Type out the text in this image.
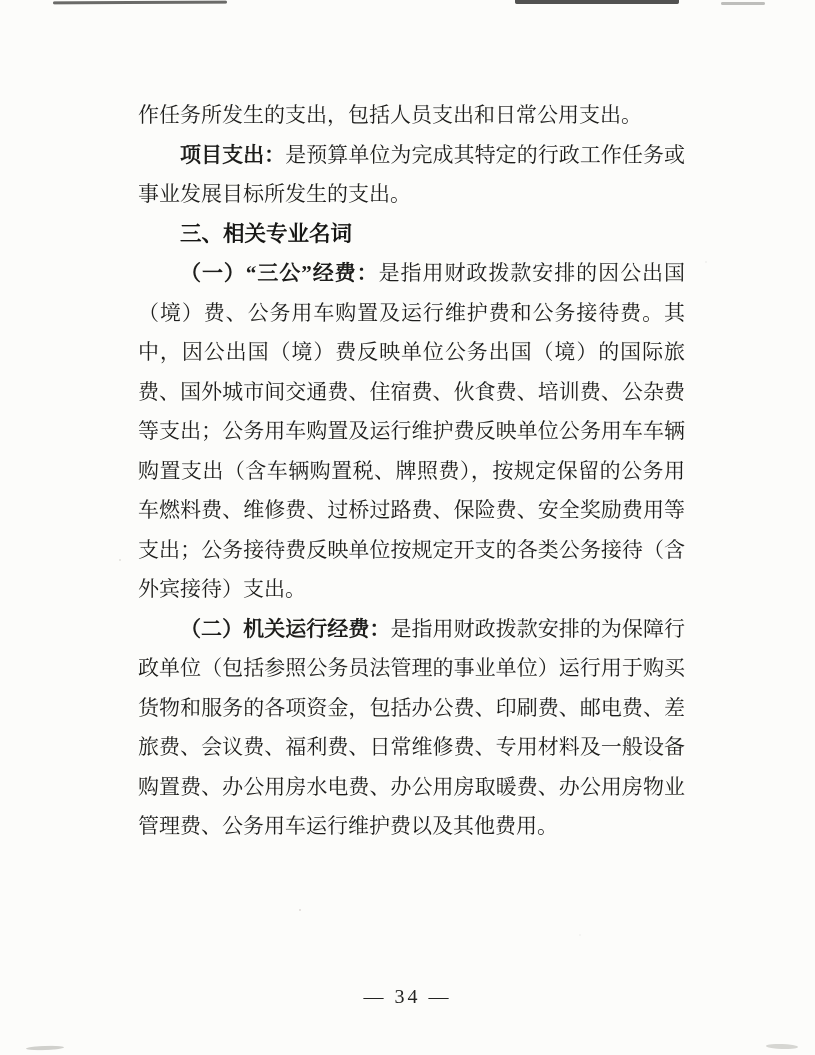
作任务所发生的支出，包括人员支出和日常公用支出。

项目支出：是预算单位为完成其特定的行政工作任务或事业发展目标所发生的支出。

三、相关专业名词

（一）“三公”经费：是指用财政拨款安排的因公出国（境）费、公务用车购置及运行维护费和公务接待费。其中，因公出国（境）费反映单位公务出国（境）的国际旅费、国外城市间交通费、住宿费、伙食费、培训费、公杂费等支出；公务用车购置及运行维护费反映单位公务用车车辆购置支出（含车辆购置税、牌照费），按规定保留的公务用车燃料费、维修费、过桥过路费、保险费、安全奖励费用等支出；公务接待费反映单位按规定开支的各类公务接待（含外宾接待）支出。

（二）机关运行经费：是指用财政拨款安排的为保障行政单位（包括参照公务员法管理的事业单位）运行用于购买货物和服务的各项资金，包括办公费、印刷费、邮电费、差旅费、会议费、福利费、日常维修费、专用材料及一般设备购置费、办公用房水电费、办公用房取暖费、办公用房物业管理费、公务用车运行维护费以及其他费用。

— 34 —
